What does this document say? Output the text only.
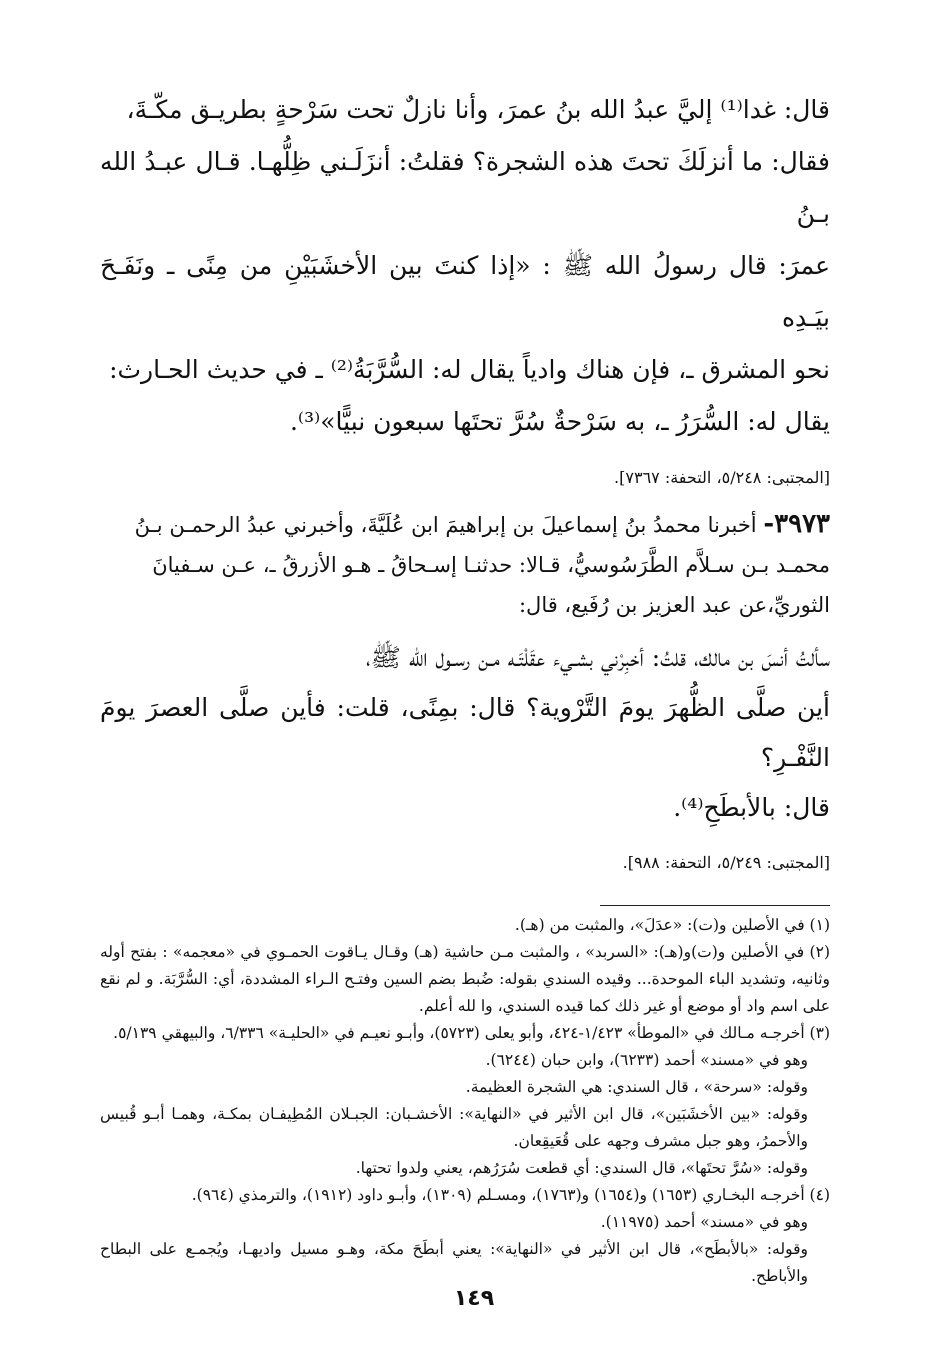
قال: غدا⁽¹⁾ إليَّ عبدُ الله بنُ عمرَ، وأنا نازلٌ تحت سَرْحةٍ بطريـق مكّـةَ،

فقال: ما أنزلَكَ تحتَ هذه الشجرة؟ فقلتُ: أنزَلَـني ظِلُّهـا. قـال عبـدُ الله بـنُ

عمرَ: قال رسولُ الله ﷺ : «إذا كنتَ بين الأخشَبَيْنِ من مِنًى ـ ونَفَـحَ بيَـدِه

نحو المشرق ـ، فإن هناك وادياً يقال له: السُّرَّبَةُ⁽²⁾ ـ في حديث الحـارث:

يقال له: السُّرَرُ ـ، به سَرْحةٌ سُرَّ تحتَها سبعون نبيًّا»⁽³⁾.

[المجتبى: ٥/٢٤٨، التحفة: ٧٣٦٧].

٣٩٧٣- أخبرنا محمدُ بنُ إسماعيلَ بن إبراهيمَ ابن عُلَيَّةَ، وأخبرني عبدُ الرحمـن بـنُ

محمـد بـن سـلاَّم الطَّرَسُوسيُّ، قـالا: حدثنـا إسـحاقُ ـ هـو الأزرقُ ـ، عـن سـفيانَ

الثوريِّ،عن عبد العزيز بن رُفَيع، قال:

سألتُ أنسَ بن مالك، قلتُ: أخبِرْني بشـيء عقَلْتَـه مـن رسـول الله ﷺ،

أين صلَّى الظُّهرَ يومَ التَّرْوية؟ قال: بمِنًى، قلت: فأين صلَّى العصرَ يومَ النَّفْـرِ؟

قال: بالأبطَحِ⁽⁴⁾.

[المجتبى: ٥/٢٤٩، التحفة: ٩٨٨].

(١) في الأصلين و(ت): «عدَلَ»، والمثبت من (هـ).

(٢) في الأصلين و(ت)و(هـ): «السربد» ، والمثبت مـن حاشية (هـ) وقـال يـاقوت الحمـوي في «معجمه» : بفتح أوله وثانيه، وتشديد الباء الموحدة... وقيده السندي بقوله: ضُبط بضم السين وفتـح الـراء المشددة، أي: السُّرَّبَة. و لم نقع على اسم واد أو موضع أو غير ذلك كما قيده السندي، وا لله أعلم.

(٣) أخرجـه مـالك في «الموطأ» ١/٤٢٣-٤٢٤، وأبو يعلى (٥٧٢٣)، وأبـو نعيـم في «الحليـة» ٦/٣٣٦، والبيهقي ٥/١٣٩.

وهو في «مسند» أحمد (٦٢٣٣)، وابن حبان (٦٢٤٤).

وقوله: «سرحة» ، قال السندي: هي الشجرة العظيمة.

وقوله: «بين الأخشَبَين»، قال ابن الأثير في «النهاية»: الأخشـبان: الجبـلان المُطِيفـان بمكـة، وهمـا أبـو قُبيس والأحمرُ، وهو جبل مشرف وجهه على قُعَيقِعان.

وقوله: «سُرَّ تحتَها»، قال السندي: أي قطعت سُرَرُهم، يعني ولدوا تحتها.

(٤) أخرجـه البخـاري (١٦٥٣) و(١٦٥٤) و(١٧٦٣)، ومسـلم (١٣٠٩)، وأبـو داود (١٩١٢)، والترمذي (٩٦٤).

وهو في «مسند» أحمد (١١٩٧٥).

وقوله: «بالأبطَح»، قال ابن الأثير في «النهاية»: يعني أبطَحَ مكة، وهـو مسيل واديهـا، ويُجمـع على البطاح والأباطح.

١٤٩
